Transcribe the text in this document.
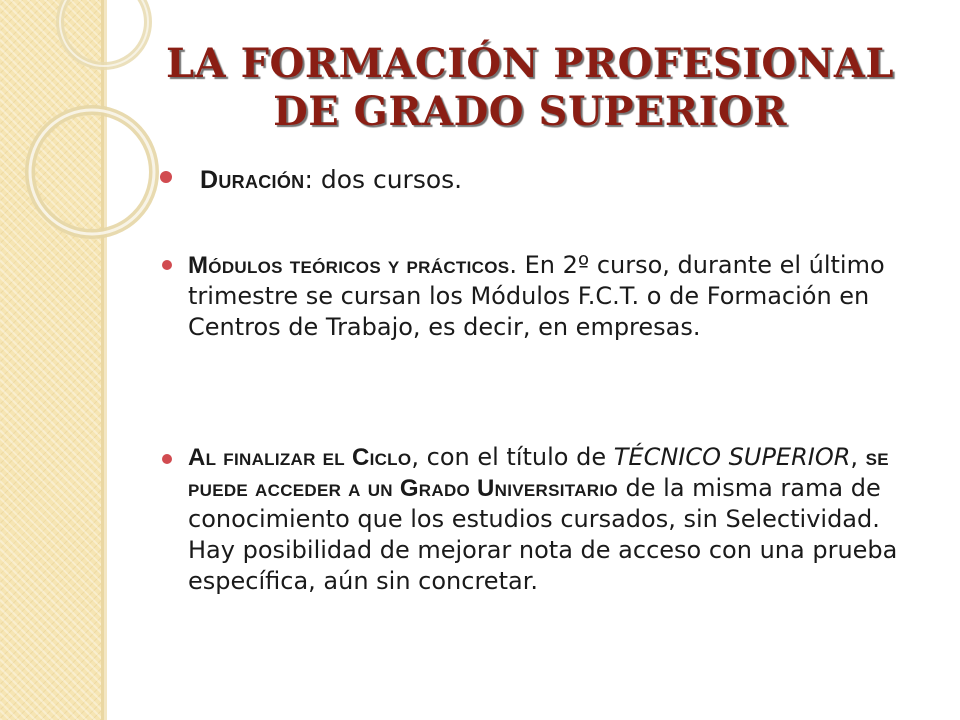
LA FORMACIÓN PROFESIONAL
DE GRADO SUPERIOR
Duración: dos cursos.
Módulos teóricos y prácticos. En 2º curso, durante el último trimestre se cursan los Módulos F.C.T. o de Formación en Centros de Trabajo, es decir, en empresas.
Al finalizar el Ciclo, con el título de TÉCNICO SUPERIOR, se puede acceder a un Grado Universitario de la misma rama de conocimiento que los estudios cursados, sin Selectividad. Hay posibilidad de mejorar nota de acceso con una prueba específica, aún sin concretar.
